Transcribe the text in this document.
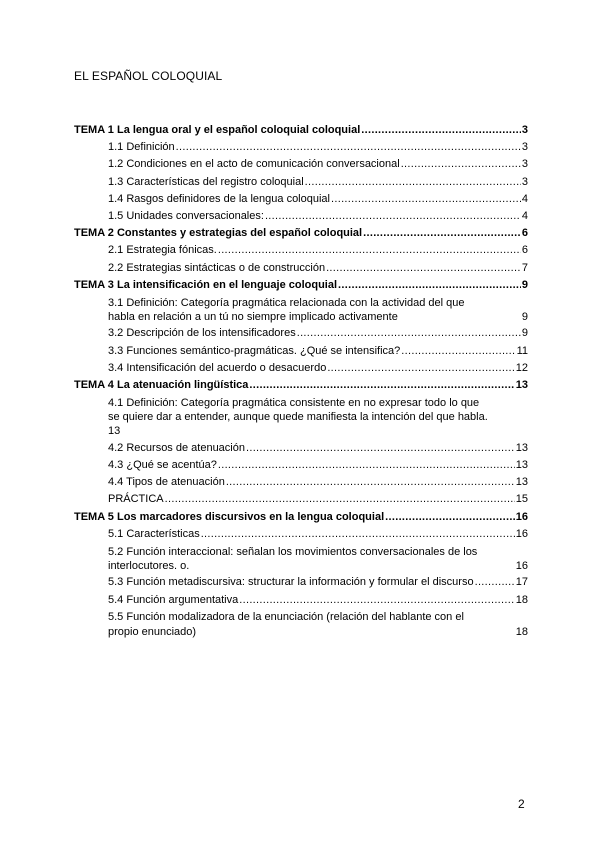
EL ESPAÑOL COLOQUIAL
TEMA 1 La lengua oral y el español coloquial coloquial .....	3
1.1 Definición .....	3
1.2 Condiciones en el acto de comunicación conversacional .....	3
1.3 Características del registro coloquial .....	3
1.4 Rasgos definidores de la lengua coloquial .....	4
1.5 Unidades conversacionales: .....	4
TEMA 2 Constantes y estrategias del español coloquial .....	6
2.1 Estrategia fónicas. .....	6
2.2 Estrategias sintácticas o de construcción .....	7
TEMA 3 La intensificación en el lenguaje coloquial .....	9
3.1 Definición: Categoría pragmática relacionada con la actividad del que
habla en relación a un tú no siempre implicado activamente	9
3.2 Descripción de los intensificadores .....	9
3.3 Funciones semántico-pragmáticas. ¿Qué se intensifica? .....	11
3.4 Intensificación del acuerdo o desacuerdo .....	12
TEMA 4 La atenuación lingüística .....	13
4.1 Definición: Categoría pragmática consistente en no expresar todo lo que
se quiere dar a entender, aunque quede manifiesta la intención del que habla.
13
4.2 Recursos de atenuación .....	13
4.3 ¿Qué se acentúa? .....	13
4.4 Tipos de atenuación .....	13
PRÁCTICA .....	15
TEMA 5 Los marcadores discursivos en la lengua coloquial .....	16
5.1 Características .....	16
5.2 Función interaccional: señalan los movimientos conversacionales de los
interlocutores. o.	16
5.3 Función metadiscursiva: structurar la información y formular el discurso .....	17
5.4 Función argumentativa .....	18
5.5 Función modalizadora de la enunciación (relación del hablante con el
propio enunciado)	18
2
